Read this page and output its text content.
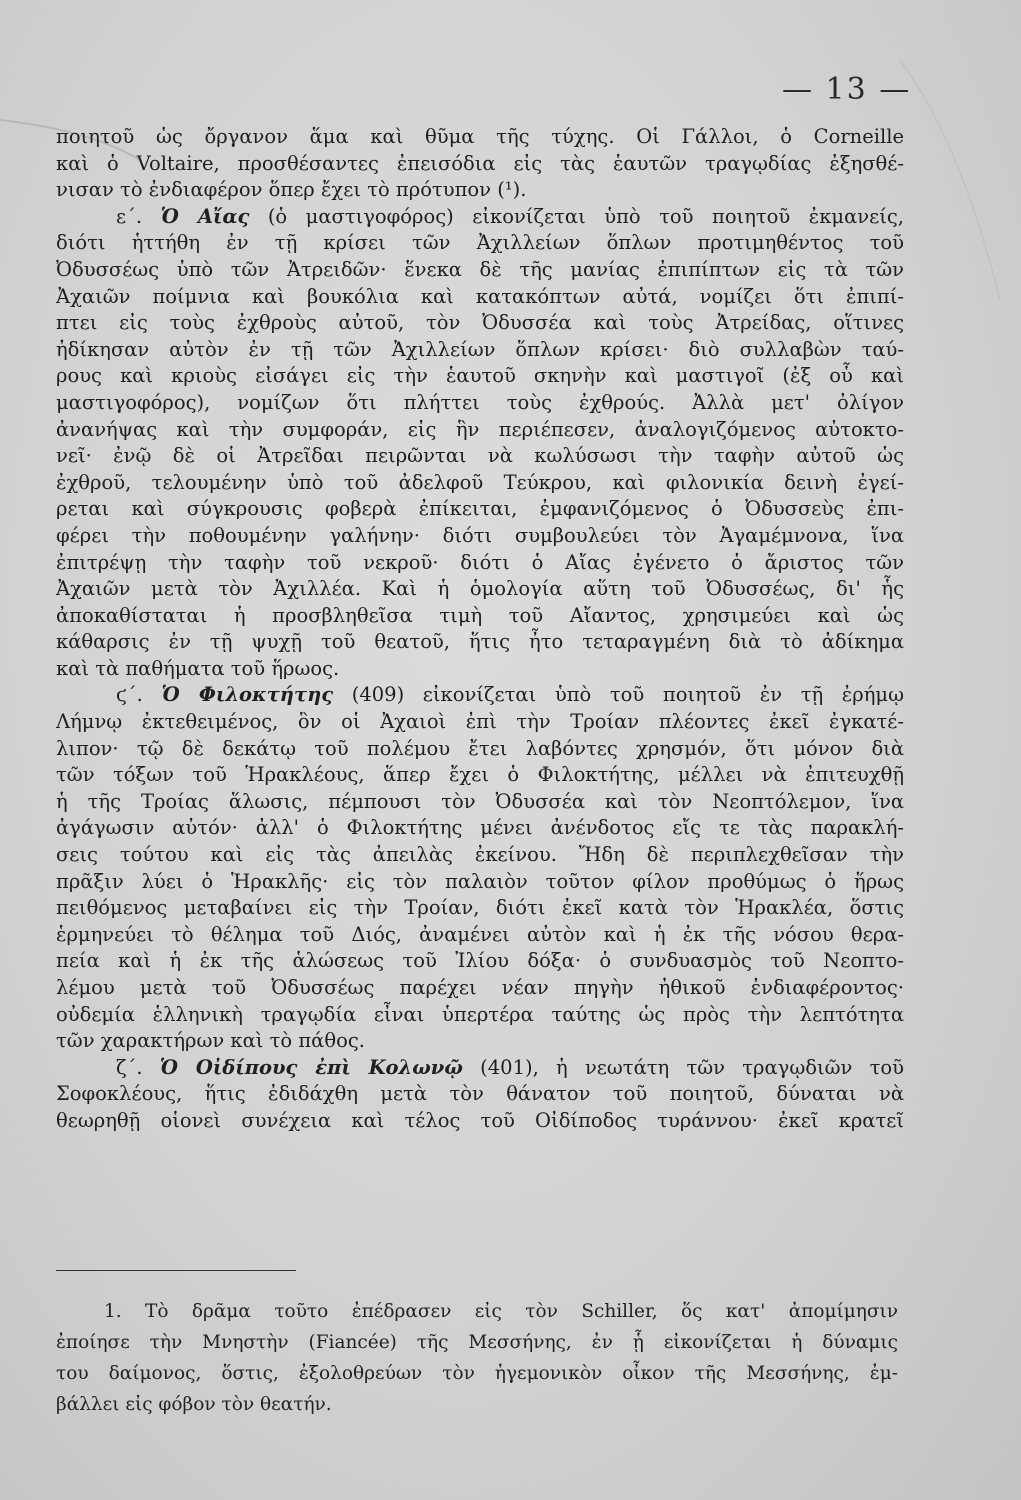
— 13 —

ποιητοῦ ὡς ὄργανον ἅμα καὶ θῦμα τῆς τύχης. Οἱ Γάλλοι, ὁ Corneille
καὶ ὁ Voltaire, προσθέσαντες ἐπεισόδια εἰς τὰς ἑαυτῶν τραγῳδίας ἐξησθέ-
νισαν τὸ ἐνδιαφέρον ὅπερ ἔχει τὸ πρότυπον (¹).

ε΄. Ὁ Αἴας (ὁ μαστιγοφόρος) εἰκονίζεται ὑπὸ τοῦ ποιητοῦ ἐκμανείς,
διότι ἡττήθη ἐν τῇ κρίσει τῶν Ἀχιλλείων ὅπλων προτιμηθέντος τοῦ
Ὀδυσσέως ὑπὸ τῶν Ἀτρειδῶν· ἕνεκα δὲ τῆς μανίας ἐπιπίπτων εἰς τὰ τῶν
Ἀχαιῶν ποίμνια καὶ βουκόλια καὶ κατακόπτων αὐτά, νομίζει ὅτι ἐπιπί-
πτει εἰς τοὺς ἐχθροὺς αὐτοῦ, τὸν Ὀδυσσέα καὶ τοὺς Ἀτρείδας, οἵτινες
ἠδίκησαν αὐτὸν ἐν τῇ τῶν Ἀχιλλείων ὅπλων κρίσει· διὸ συλλαβὼν ταύ-
ρους καὶ κριοὺς εἰσάγει εἰς τὴν ἑαυτοῦ σκηνὴν καὶ μαστιγοῖ (ἐξ οὗ καὶ
μαστιγοφόρος), νομίζων ὅτι πλήττει τοὺς ἐχθρούς. Ἀλλὰ μετ' ὀλίγον
ἀνανήψας καὶ τὴν συμφοράν, εἰς ἣν περιέπεσεν, ἀναλογιζόμενος αὐτοκτο-
νεῖ· ἐνῷ δὲ οἱ Ἀτρεῖδαι πειρῶνται νὰ κωλύσωσι τὴν ταφὴν αὐτοῦ ὡς
ἐχθροῦ, τελουμένην ὑπὸ τοῦ ἀδελφοῦ Τεύκρου, καὶ φιλονικία δεινὴ ἐγεί-
ρεται καὶ σύγκρουσις φοβερὰ ἐπίκειται, ἐμφανιζόμενος ὁ Ὀδυσσεὺς ἐπι-
φέρει τὴν ποθουμένην γαλήνην· διότι συμβουλεύει τὸν Ἀγαμέμνονα, ἵνα
ἐπιτρέψῃ τὴν ταφὴν τοῦ νεκροῦ· διότι ὁ Αἴας ἐγένετο ὁ ἄριστος τῶν
Ἀχαιῶν μετὰ τὸν Ἀχιλλέα. Καὶ ἡ ὁμολογία αὕτη τοῦ Ὀδυσσέως, δι' ἧς
ἀποκαθίσταται ἡ προσβληθεῖσα τιμὴ τοῦ Αἴαντος, χρησιμεύει καὶ ὡς
κάθαρσις ἐν τῇ ψυχῇ τοῦ θεατοῦ, ἥτις ἦτο τεταραγμένη διὰ τὸ ἀδίκημα
καὶ τὰ παθήματα τοῦ ἥρωος.

ϛ΄. Ὁ Φιλοκτήτης (409) εἰκονίζεται ὑπὸ τοῦ ποιητοῦ ἐν τῇ ἐρήμῳ
Λήμνῳ ἐκτεθειμένος, ὃν οἱ Ἀχαιοὶ ἐπὶ τὴν Τροίαν πλέοντες ἐκεῖ ἐγκατέ-
λιπον· τῷ δὲ δεκάτῳ τοῦ πολέμου ἔτει λαβόντες χρησμόν, ὅτι μόνον διὰ
τῶν τόξων τοῦ Ἡρακλέους, ἅπερ ἔχει ὁ Φιλοκτήτης, μέλλει νὰ ἐπιτευχθῇ
ἡ τῆς Τροίας ἅλωσις, πέμπουσι τὸν Ὀδυσσέα καὶ τὸν Νεοπτόλεμον, ἵνα
ἀγάγωσιν αὐτόν· ἀλλ' ὁ Φιλοκτήτης μένει ἀνένδοτος εἴς τε τὰς παρακλή-
σεις τούτου καὶ εἰς τὰς ἀπειλὰς ἐκείνου. Ἤδη δὲ περιπλεχθεῖσαν τὴν
πρᾶξιν λύει ὁ Ἡρακλῆς· εἰς τὸν παλαιὸν τοῦτον φίλον προθύμως ὁ ἥρως
πειθόμενος μεταβαίνει εἰς τὴν Τροίαν, διότι ἐκεῖ κατὰ τὸν Ἡρακλέα, ὅστις
ἑρμηνεύει τὸ θέλημα τοῦ Διός, ἀναμένει αὐτὸν καὶ ἡ ἐκ τῆς νόσου θερα-
πεία καὶ ἡ ἐκ τῆς ἁλώσεως τοῦ Ἰλίου δόξα· ὁ συνδυασμὸς τοῦ Νεοπτο-
λέμου μετὰ τοῦ Ὀδυσσέως παρέχει νέαν πηγὴν ἠθικοῦ ἐνδιαφέροντος·
οὐδεμία ἑλληνικὴ τραγῳδία εἶναι ὑπερτέρα ταύτης ὡς πρὸς τὴν λεπτότητα
τῶν χαρακτήρων καὶ τὸ πάθος.

ζ΄. Ὁ Οἰδίπους ἐπὶ Κολωνῷ (401), ἡ νεωτάτη τῶν τραγῳδιῶν τοῦ
Σοφοκλέους, ἥτις ἐδιδάχθη μετὰ τὸν θάνατον τοῦ ποιητοῦ, δύναται νὰ
θεωρηθῇ οἱονεὶ συνέχεια καὶ τέλος τοῦ Οἰδίποδος τυράννου· ἐκεῖ κρατεῖ

1. Τὸ δρᾶμα τοῦτο ἐπέδρασεν εἰς τὸν Schiller, ὅς κατ' ἀπομίμησιν
ἐποίησε τὴν Μνηστὴν (Fiancée) τῆς Μεσσήνης, ἐν ᾗ εἰκονίζεται ἡ δύναμις
του δαίμονος, ὅστις, ἐξολοθρεύων τὸν ἡγεμονικὸν οἶκον τῆς Μεσσήνης, ἐμ-
βάλλει εἰς φόβον τὸν θεατήν.
